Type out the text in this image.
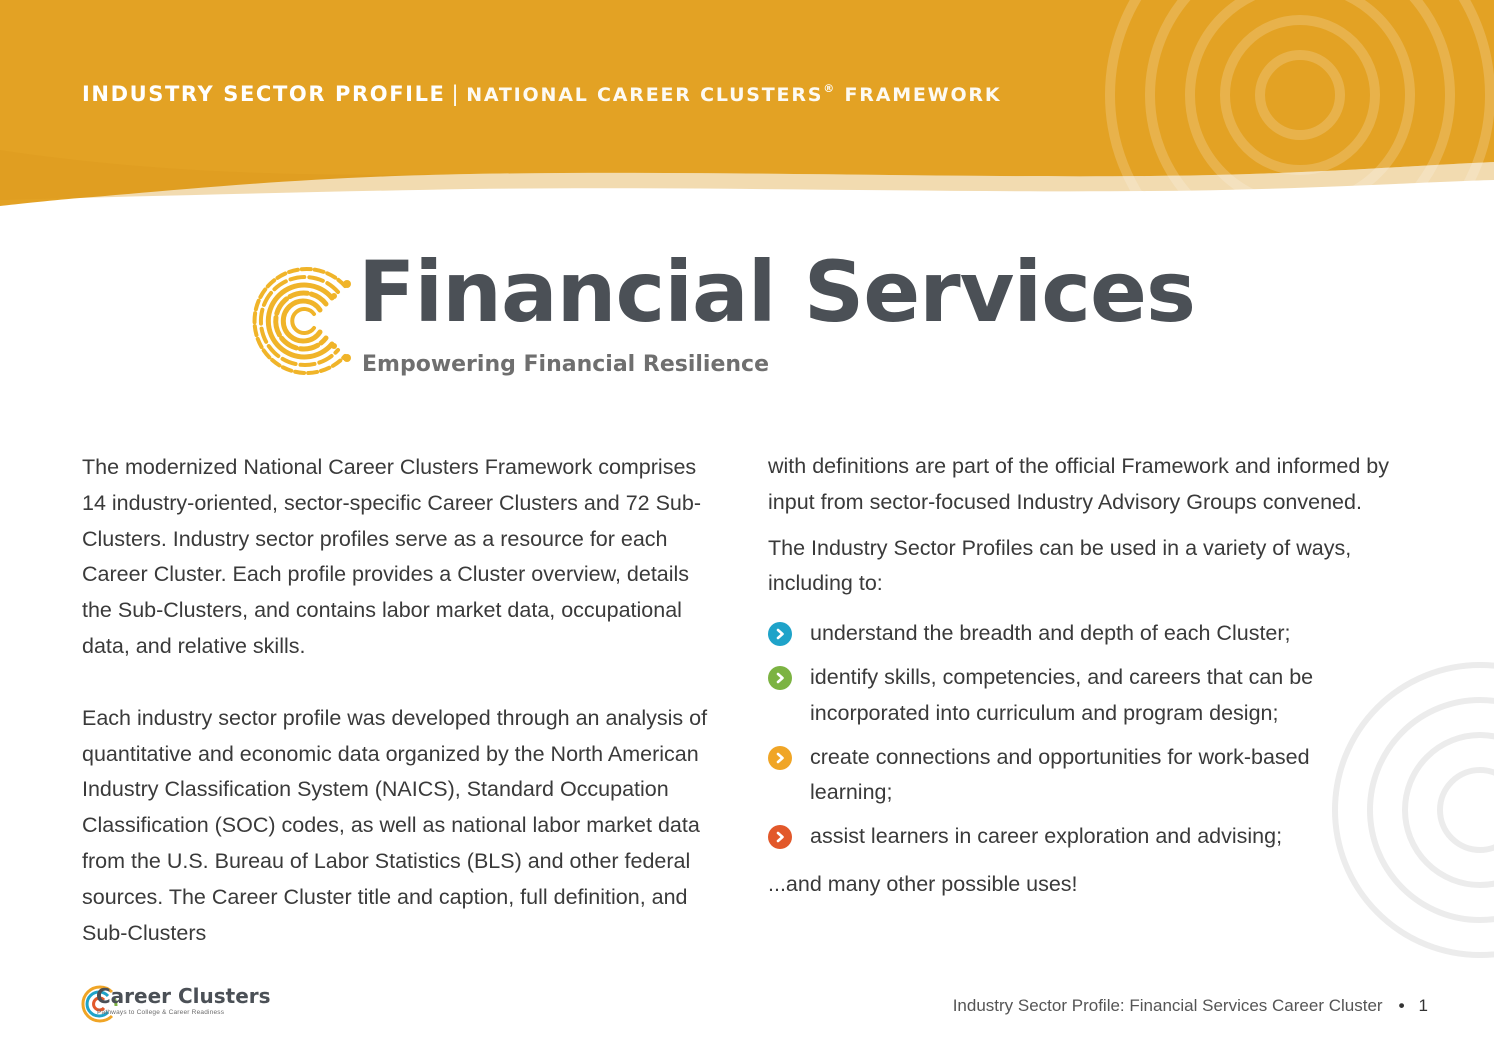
INDUSTRY SECTOR PROFILE | NATIONAL CAREER CLUSTERS® FRAMEWORK
Financial Services
Empowering Financial Resilience

The modernized National Career Clusters Framework comprises 14 industry-oriented, sector-specific Career Clusters and 72 Sub-Clusters. Industry sector profiles serve as a resource for each Career Cluster. Each profile provides a Cluster overview, details the Sub-Clusters, and contains labor market data, occupational data, and relative skills.

Each industry sector profile was developed through an analysis of quantitative and economic data organized by the North American Industry Classification System (NAICS), Standard Occupation Classification (SOC) codes, as well as national labor market data from the U.S. Bureau of Labor Statistics (BLS) and other federal sources. The Career Cluster title and caption, full definition, and Sub-Clusters

with definitions are part of the official Framework and informed by input from sector-focused Industry Advisory Groups convened.

The Industry Sector Profiles can be used in a variety of ways, including to:

understand the breadth and depth of each Cluster;

identify skills, competencies, and careers that can be incorporated into curriculum and program design;

create connections and opportunities for work-based learning;

assist learners in career exploration and advising;

...and many other possible uses!

Career Clusters
Pathways to College & Career Readiness	Industry Sector Profile: Financial Services Career Cluster • 1
